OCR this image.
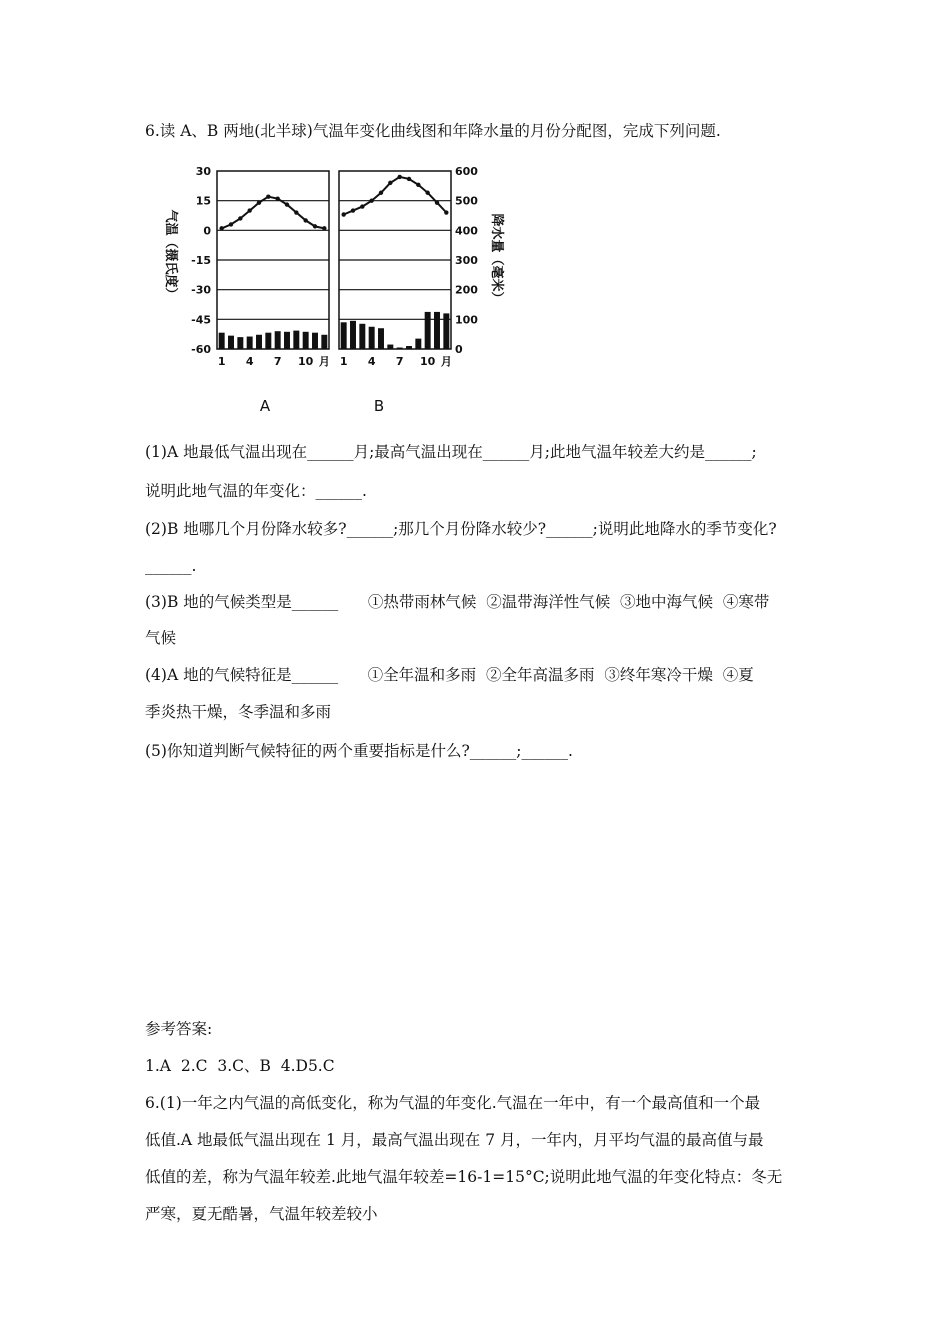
6.读 A、B 两地(北半球)气温年变化曲线图和年降水量的月份分配图，完成下列问题.
30
15
0
-15
-30
-45
-60
600
500
400
300
200
100
0
气温（摄氏度）	降水量（毫米）
1 4 7 10 月 1 4 7 10 月
A	B
(1)A 地最低气温出现在______月;最高气温出现在______月;此地气温年较差大约是______;
说明此地气温的年变化：______.
(2)B 地哪几个月份降水较多?______;那几个月份降水较少?______;说明此地降水的季节变化?
______.
(3)B 地的气候类型是______      ①热带雨林气候  ②温带海洋性气候  ③地中海气候  ④寒带
气候
(4)A 地的气候特征是______      ①全年温和多雨  ②全年高温多雨  ③终年寒冷干燥  ④夏
季炎热干燥，冬季温和多雨
(5)你知道判断气候特征的两个重要指标是什么?______;______.
参考答案:
1.A  2.C  3.C、B  4.D5.C
6.(1)一年之内气温的高低变化，称为气温的年变化.气温在一年中，有一个最高值和一个最
低值.A 地最低气温出现在 1 月，最高气温出现在 7 月，一年内，月平均气温的最高值与最
低值的差，称为气温年较差.此地气温年较差=16-1=15°C;说明此地气温的年变化特点：冬无
严寒，夏无酷暑，气温年较差较小
